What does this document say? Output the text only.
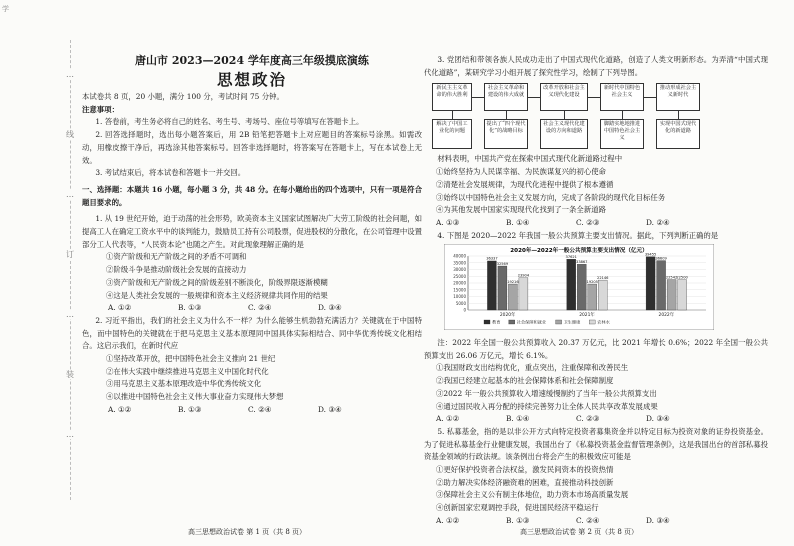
学
…
线
…
订
…
装
…
唐山市 2023—2024 学年度高三年级摸底演练
思想政治
本试卷共 8 页，20 小题，满分 100 分，考试时间 75 分钟。
注意事项：
1. 答卷前，考生务必将自己的姓名、考生号、考场号、座位号等填写在答题卡上。
2. 回答选择题时，选出每小题答案后，用 2B 铅笔把答题卡上对应题目的答案标号涂黑。如需改动，用橡皮擦干净后，再选涂其他答案标号。回答非选择题时，将答案写在答题卡上，写在本试卷上无效。
3. 考试结束后，将本试卷和答题卡一并交回。
一、选择题：本题共 16 小题，每小题 3 分，共 48 分。在每小题给出的四个选项中，只有一项是符合题目要求的。
1. 从 19 世纪开始，迫于动荡的社会形势，欧美资本主义国家试图解决广大劳工阶级的社会问题，如提高工人在确定工资水平中的谈判能力，鼓励员工持有公司股票，促进股权的分散化，在公司管理中设置部分工人代表等，“人民资本论”也随之产生。对此现象理解正确的是
①资产阶级和无产阶级之间的矛盾不可调和
②阶级斗争是推动阶级社会发展的直接动力
③资产阶级和无产阶级之间的阶级差别不断淡化，阶级界限逐渐模糊
④这是人类社会发展的一般规律和资本主义经济规律共同作用的结果
A. ①②	B. ①③	C. ②④	D. ③④
2. 习近平指出，我们的社会主义为什么不一样？为什么能够生机勃勃充满活力？关键就在于中国特色，而中国特色的关键就在于把马克思主义基本原理同中国具体实际相结合、同中华优秀传统文化相结合。这启示我们，在新时代应
①坚持改革开放，把中国特色社会主义推向 21 世纪
②在伟大实践中继续推进马克思主义中国化时代化
③用马克思主义基本原理改造中华优秀传统文化
④以推进中国特色社会主义伟大事业奋力实现伟大梦想
A. ①②	B. ①③	C. ②④	D. ③④
高三思想政治试卷 第 1 页（共 8 页）
3. 党团结和带领各族人民成功走出了中国式现代化道路，创造了人类文明新形态。为弄清“中国式现代化道路”，某研究学习小组开展了探究性学习，绘制了下列导图。
新民主主义革命的伟大胜利
社会主义革命和建设的伟大成就
改革开放和社会主义现代化建设
新时代中国特色社会主义
推动形成社会主义新时代
解决了中国工业化的问题
提出了“四个现代化”的战略目标
社会主义现代化建设的方向和道路
脚踏实地地推进中国特色社会主义
实现中国式现代化的新道路
材料表明，中国共产党在探索中国式现代化新道路过程中
①始终坚持为人民谋幸福、为民族谋复兴的初心使命
②清楚社会发展规律，为现代化进程中提供了根本遵循
③始终以中国特色社会主义发展方向，完成了各阶段的现代化目标任务
④为其他发展中国家实现现代化找到了一条全新道路
A. ①③	B. ①④	C. ②③	D. ②④
4. 下图是 2020—2022 年我国一般公共预算主要支出情况。据此，下列判断正确的是
2020年—2022年一般公共预算主要支出情况（亿元）
0
5000
10000
15000
20000
25000
30000
35000
40000
36337
32569
19216
23904
2020年
37621
33867
19205
22146
2021年
39455
36609
22542 22500
2022年
教育	社会保障和就业	卫生健康	农林水
注：2022 年全国一般公共预算收入 20.37 万亿元，比 2021 年增长 0.6%；2022 年全国一般公共预算支出 26.06 万亿元，增长 6.1%。
①我国财政支出结构优化，重点突出，注重保障和改善民生
②我国已经建立起基本的社会保障体系和社会保障制度
③2022 年一般公共预算收入增速缓慢制约了当年一般公共预算支出
④通过国民收入再分配的持续完善努力让全体人民共享改革发展成果
A. ①②	B. ①④	C. ②③	D. ③④
5. 私募基金，指的是以非公开方式向特定投资者募集资金并以特定目标为投资对象的证券投资基金。为了促进私募基金行业健康发展，我国出台了《私募投资基金监督管理条例》，这是我国出台的首部私募投资基金领域的行政法规。该条例出台将会产生的积极效应可能是
①更好保护投资者合法权益，激发民间资本的投资热情
②助力解决实体经济融资难的困难，直接推动科技创新
③保障社会主义公有制主体地位，助力资本市场高质量发展
④创新国家宏观调控手段，促进国民经济平稳运行
A. ①②	B. ①③	C. ②④	D. ③④
高三思想政治试卷 第 2 页（共 8 页）
